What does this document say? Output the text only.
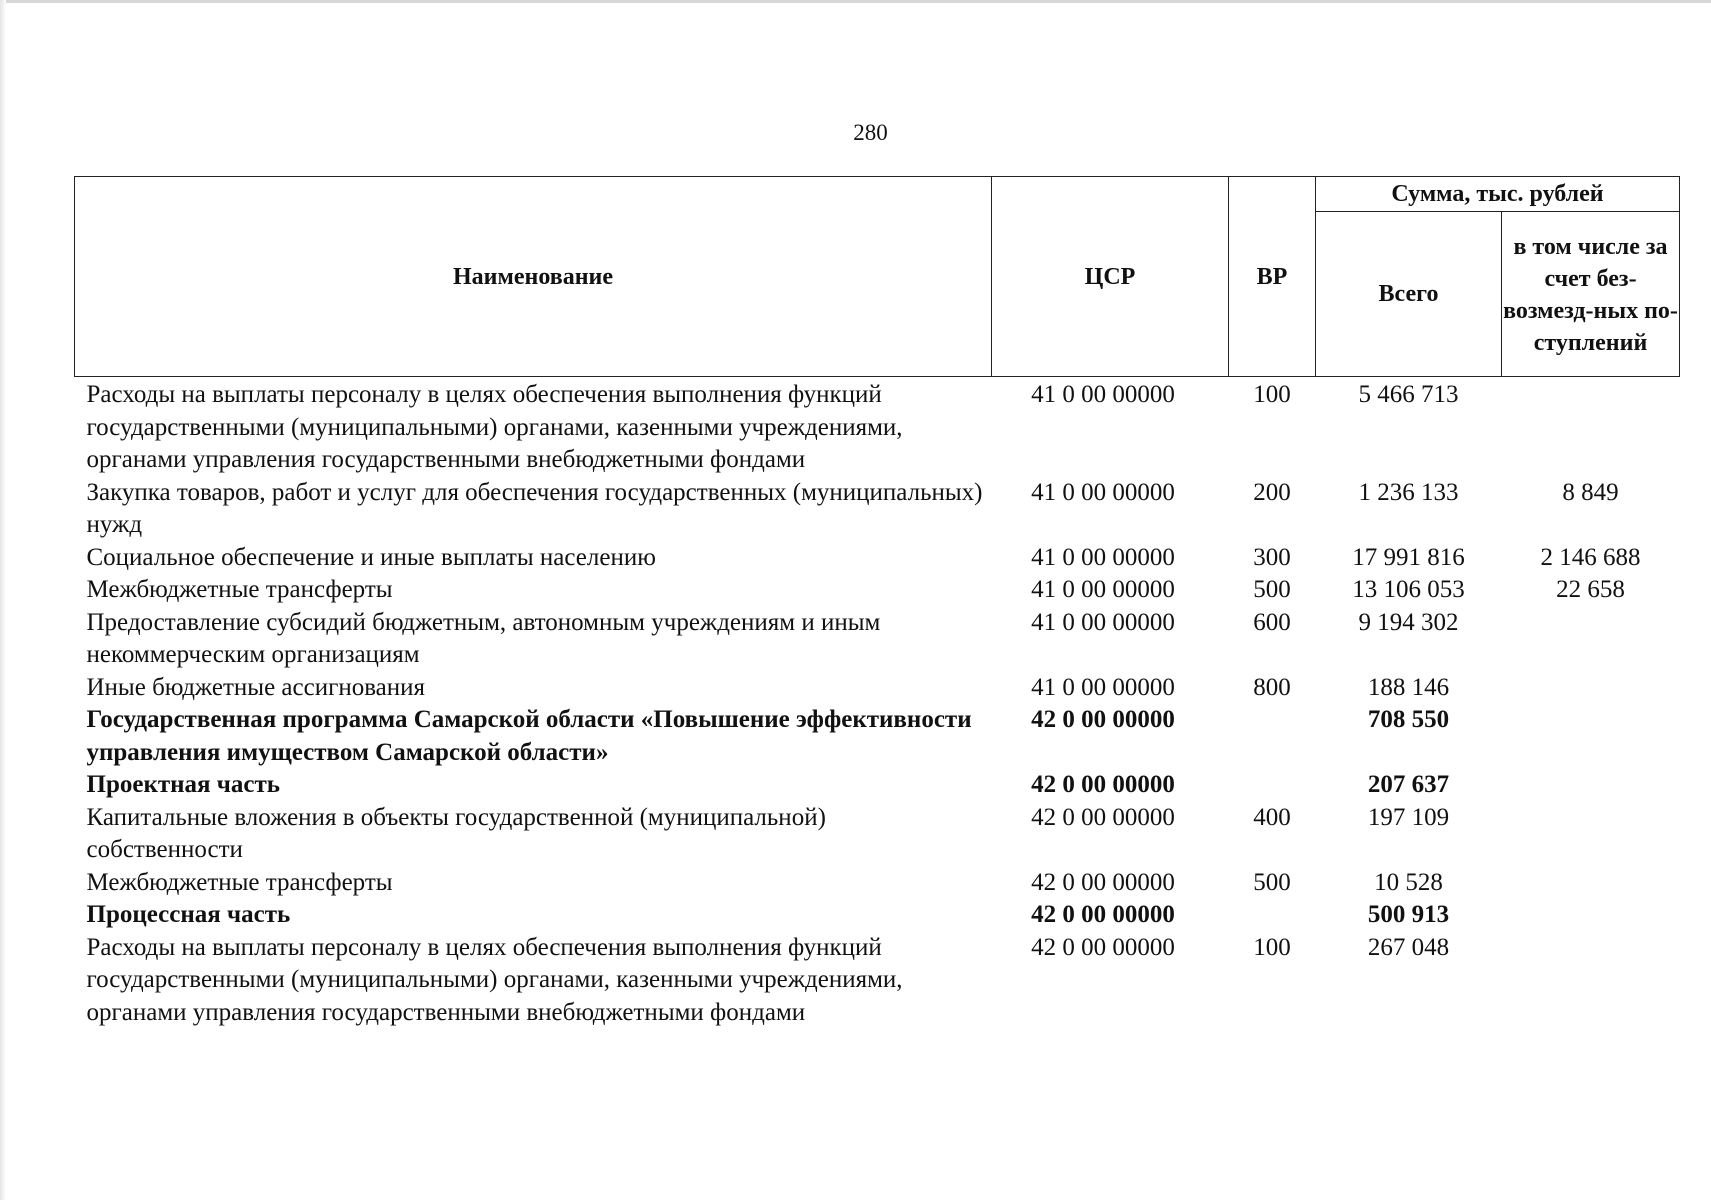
280
Наименование	ЦСР	ВР	Сумма, тыс. рублей	
			Всего	в том числе за счет без-возмезд-ных по-ступлений
Расходы на выплаты персоналу в целях обеспечения выполнения функций государственными (муниципальными) органами, казенными учреждениями, органами управления государственными внебюджетными фондами	41 0 00 00000	100	5 466 713	
Закупка товаров, работ и услуг для обеспечения государственных (муниципальных) нужд	41 0 00 00000	200	1 236 133	8 849
Социальное обеспечение и иные выплаты населению	41 0 00 00000	300	17 991 816	2 146 688
Межбюджетные трансферты	41 0 00 00000	500	13 106 053	22 658
Предоставление субсидий бюджетным, автономным учреждениям и иным некоммерческим организациям	41 0 00 00000	600	9 194 302	
Иные бюджетные ассигнования	41 0 00 00000	800	188 146	
Государственная программа Самарской области «Повышение эффективности управления имуществом Самарской области»	42 0 00 00000		708 550	
Проектная часть	42 0 00 00000		207 637	
Капитальные вложения в объекты государственной (муниципальной) собственности	42 0 00 00000	400	197 109	
Межбюджетные трансферты	42 0 00 00000	500	10 528	
Процессная часть	42 0 00 00000		500 913	
Расходы на выплаты персоналу в целях обеспечения выполнения функций государственными (муниципальными) органами, казенными учреждениями, органами управления государственными внебюджетными фондами	42 0 00 00000	100	267 048	
